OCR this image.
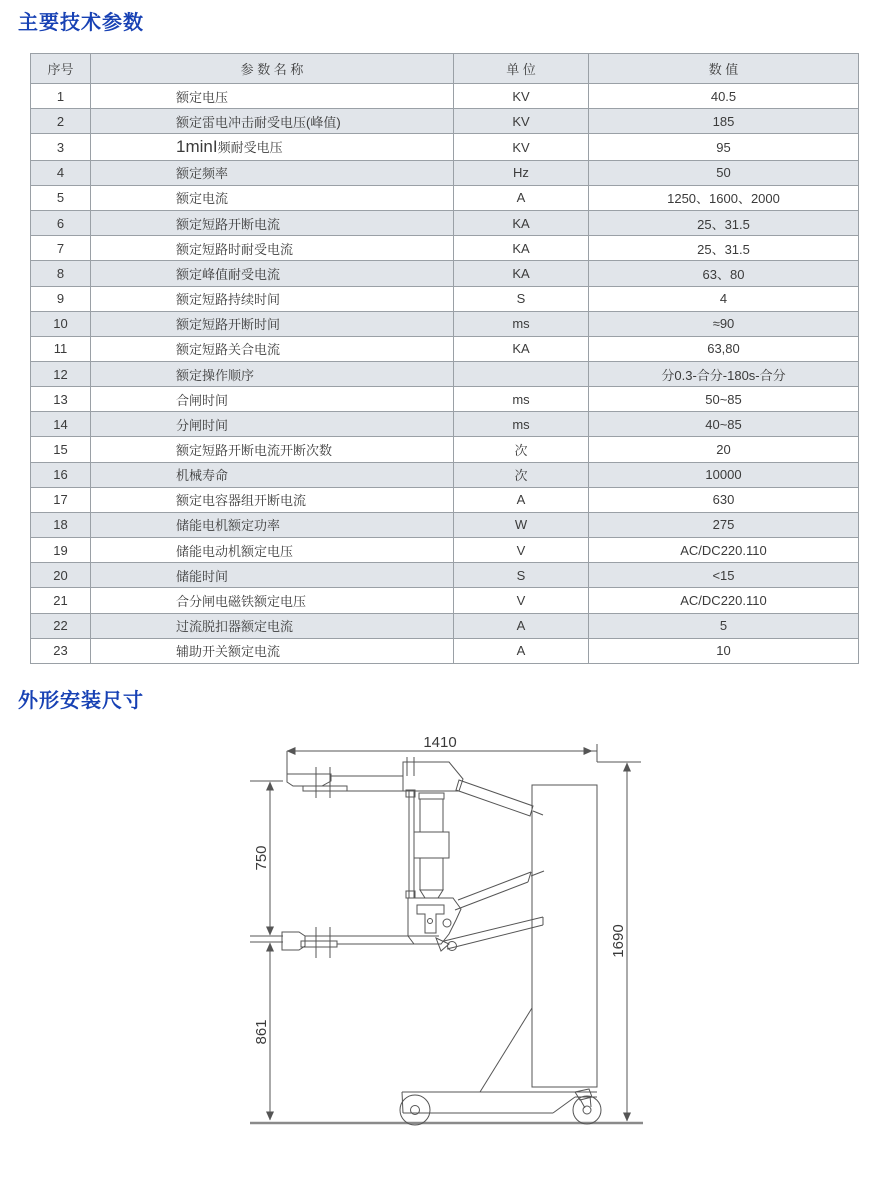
主要技术参数
序号	参 数 名 称	单 位	数 值
1	额定电压	KV	40.5
2	额定雷电冲击耐受电压(峰值)	KV	185
3	1minI频耐受电压	KV	95
4	额定频率	Hz	50
5	额定电流	A	1250、1600、2000
6	额定短路开断电流	KA	25、31.5
7	额定短路时耐受电流	KA	25、31.5
8	额定峰值耐受电流	KA	63、80
9	额定短路持续时间	S	4
10	额定短路开断时间	ms	≈90
11	额定短路关合电流	KA	63,80
12	额定操作顺序		分0.3-合分-180s-合分
13	合闸时间	ms	50~85
14	分闸时间	ms	40~85
15	额定短路开断电流开断次数	次	20
16	机械寿命	次	10000
17	额定电容器组开断电流	A	630
18	储能电机额定功率	W	275
19	储能电动机额定电压	V	AC/DC220.110
20	储能时间	S	<15
21	合分闸电磁铁额定电压	V	AC/DC220.110
22	过流脱扣器额定电流	A	5
23	辅助开关额定电流	A	10
外形安装尺寸
1410
750
861
1690
